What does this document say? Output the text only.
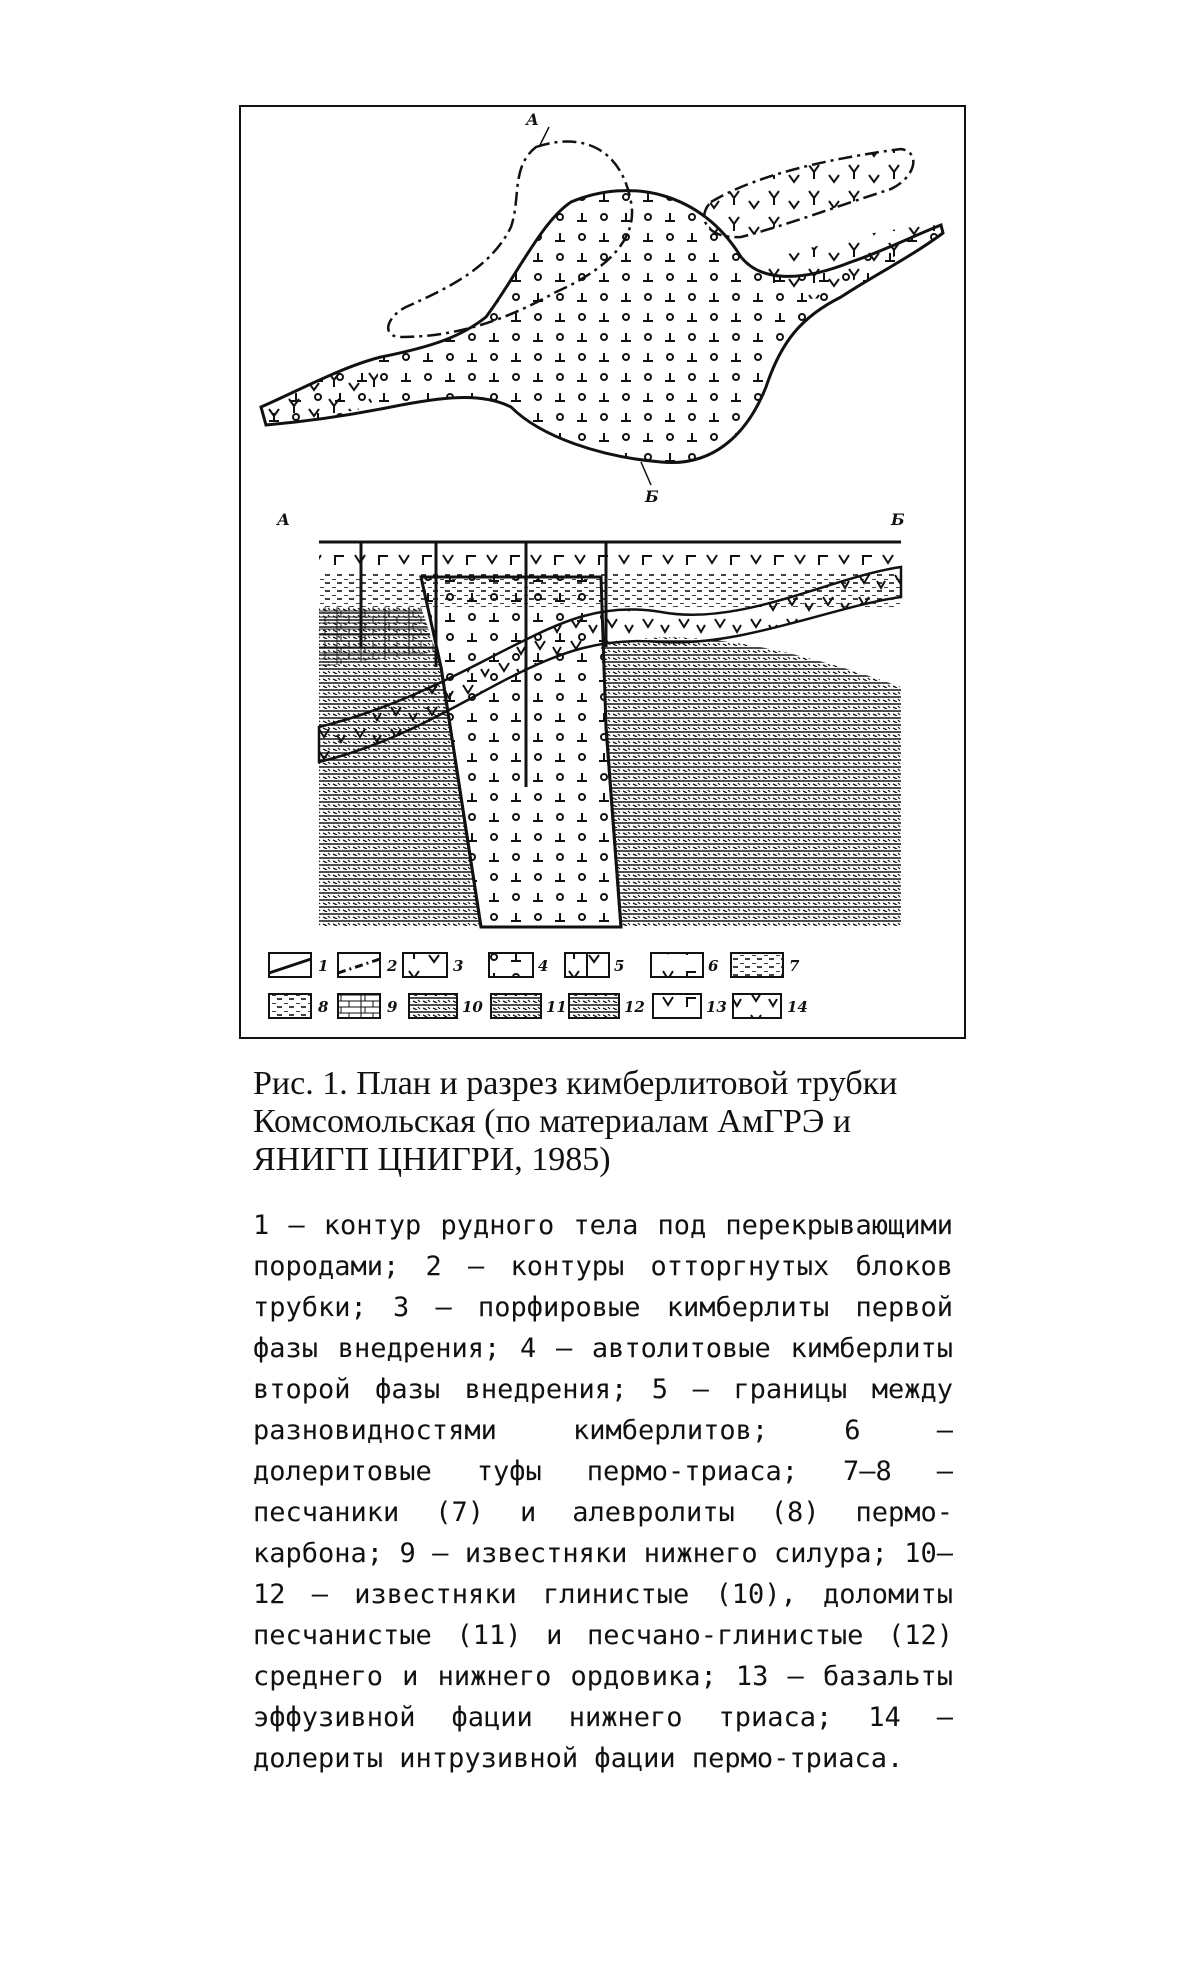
А
Б
А	Б
1	2	3	4	5	6	7
8	9	10	11	12	13	14
Рис. 1. План и разрез кимберлитовой трубки Комсомольская (по материалам АмГРЭ и ЯНИГП ЦНИГРИ, 1985)
1 — контур рудного тела под перекрывающими породами; 2 — контуры отторгнутых блоков трубки; 3 — порфировые кимберлиты первой фазы внедрения; 4 — автолитовые кимберлиты второй фазы внедрения; 5 — границы между разновидностями кимберлитов; 6 — долеритовые туфы пермо-триаса; 7—8 — песчаники (7) и алевролиты (8) пермо-карбона; 9 — известняки нижнего силура; 10—12 — известняки глинистые (10), доломиты песчанистые (11) и песчано-глинистые (12) среднего и нижнего ордовика; 13 — базальты эффузивной фации нижнего триаса; 14 — долериты интрузивной фации пермо-триаса.
